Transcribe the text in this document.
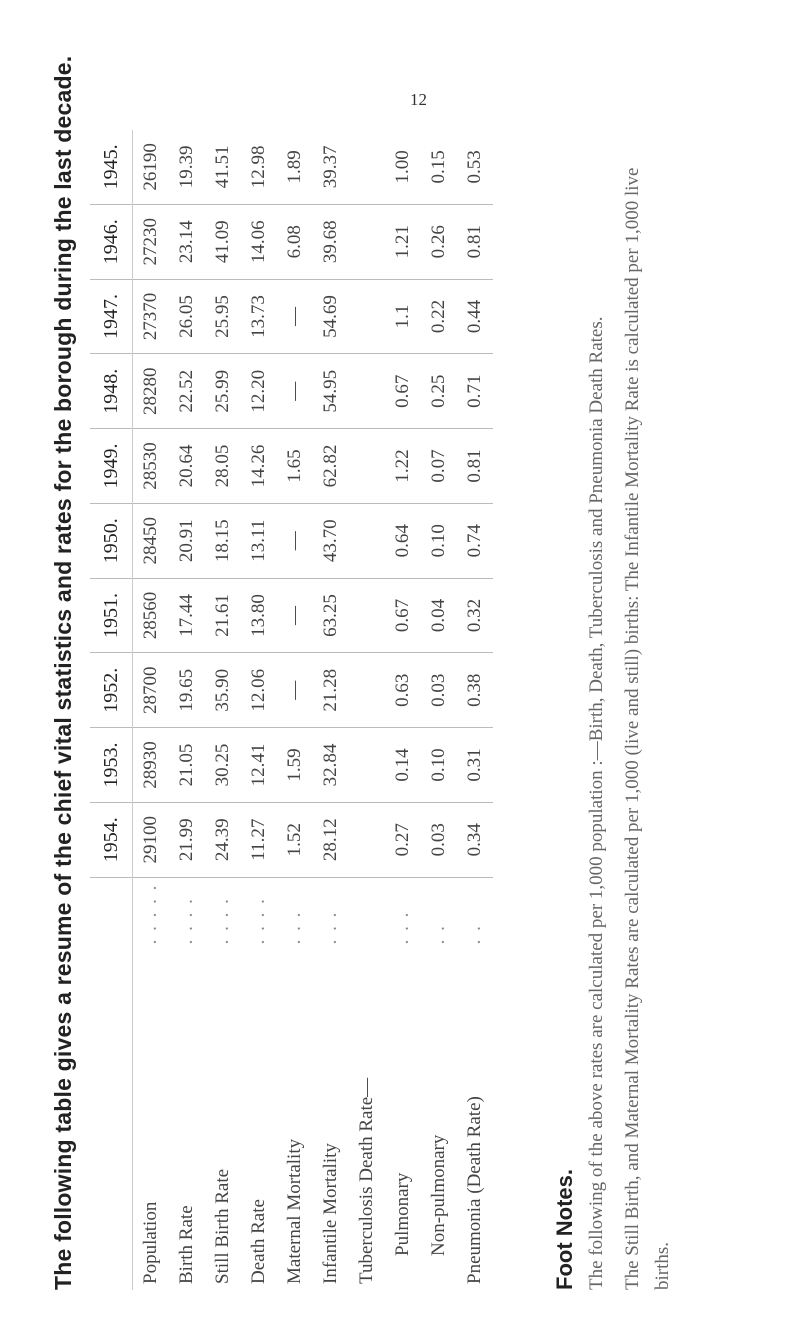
12
The following table gives a resume of the chief vital statistics and rates for the borough during the last decade.
		1954.	1953.	1952.	1951.	1950.	1949.	1948.	1947.	1946.	1945.
Population	. . . . .	29100	28930	28700	28560	28450	28530	28280	27370	27230	26190
Birth Rate	. . . .	21.99	21.05	19.65	17.44	20.91	20.64	22.52	26.05	23.14	19.39
Still Birth Rate	. . . .	24.39	30.25	35.90	21.61	18.15	28.05	25.99	25.95	41.09	41.51
Death Rate	. . . .	11.27	12.41	12.06	13.80	13.11	14.26	12.20	13.73	14.06	12.98
Maternal Mortality	. . .	1.52	1.59	—	—	—	1.65	—	—	6.08	1.89
Infantile Mortality	. . .	28.12	32.84	21.28	63.25	43.70	62.82	54.95	54.69	39.68	39.37
Tuberculosis Death Rate—											
Pulmonary	. . .	0.27	0.14	0.63	0.67	0.64	1.22	0.67	1.1	1.21	1.00
Non-pulmonary	. .	0.03	0.10	0.03	0.04	0.10	0.07	0.25	0.22	0.26	0.15
Pneumonia (Death Rate)	. .	0.34	0.31	0.38	0.32	0.74	0.81	0.71	0.44	0.81	0.53
Foot Notes. The following of the above rates are calculated per 1,000 population :—Birth, Death, Tuberculosis and Pneumonia Death Rates. The Still Birth, and Maternal Mortality Rates are calculated per 1,000 (live and still) births: The Infantile Mortality Rate is calculated per 1,000 live births.
